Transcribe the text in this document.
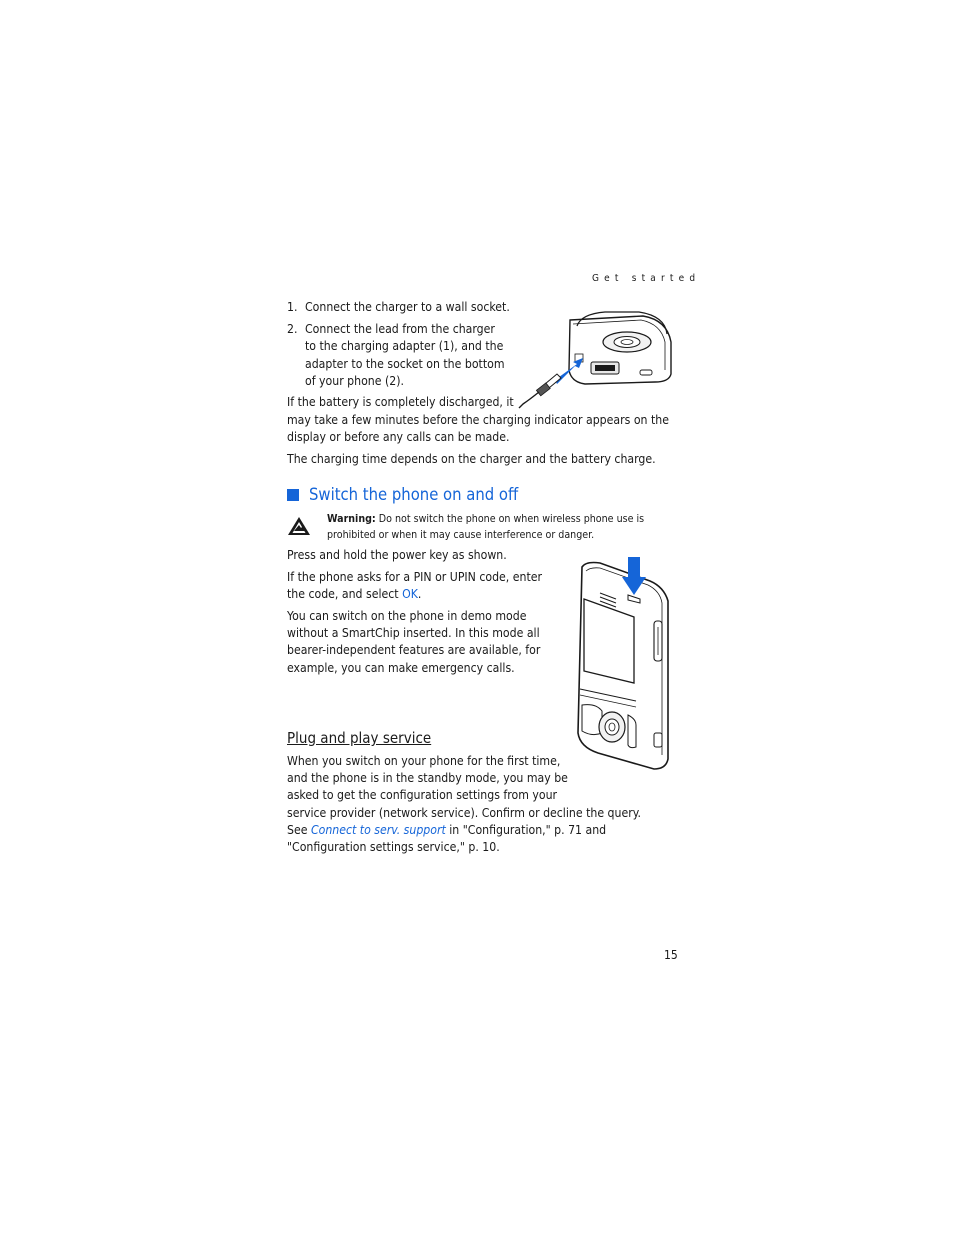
Get started
1. Connect the charger to a wall socket.
2. Connect the lead from the charger
to the charging adapter (1), and the
adapter to the socket on the bottom
of your phone (2).
If the battery is completely discharged, it
may take a few minutes before the charging indicator appears on the
display or before any calls can be made.
The charging time depends on the charger and the battery charge.
Switch the phone on and off
Warning: Do not switch the phone on when wireless phone use is
prohibited or when it may cause interference or danger.
Press and hold the power key as shown.
If the phone asks for a PIN or UPIN code, enter
the code, and select OK.
You can switch on the phone in demo mode
without a SmartChip inserted. In this mode all
bearer-independent features are available, for
example, you can make emergency calls.
Plug and play service
When you switch on your phone for the first time,
and the phone is in the standby mode, you may be
asked to get the configuration settings from your
service provider (network service). Confirm or decline the query.
See Connect to serv. support in "Configuration," p. 71 and
"Configuration settings service," p. 10.
15
